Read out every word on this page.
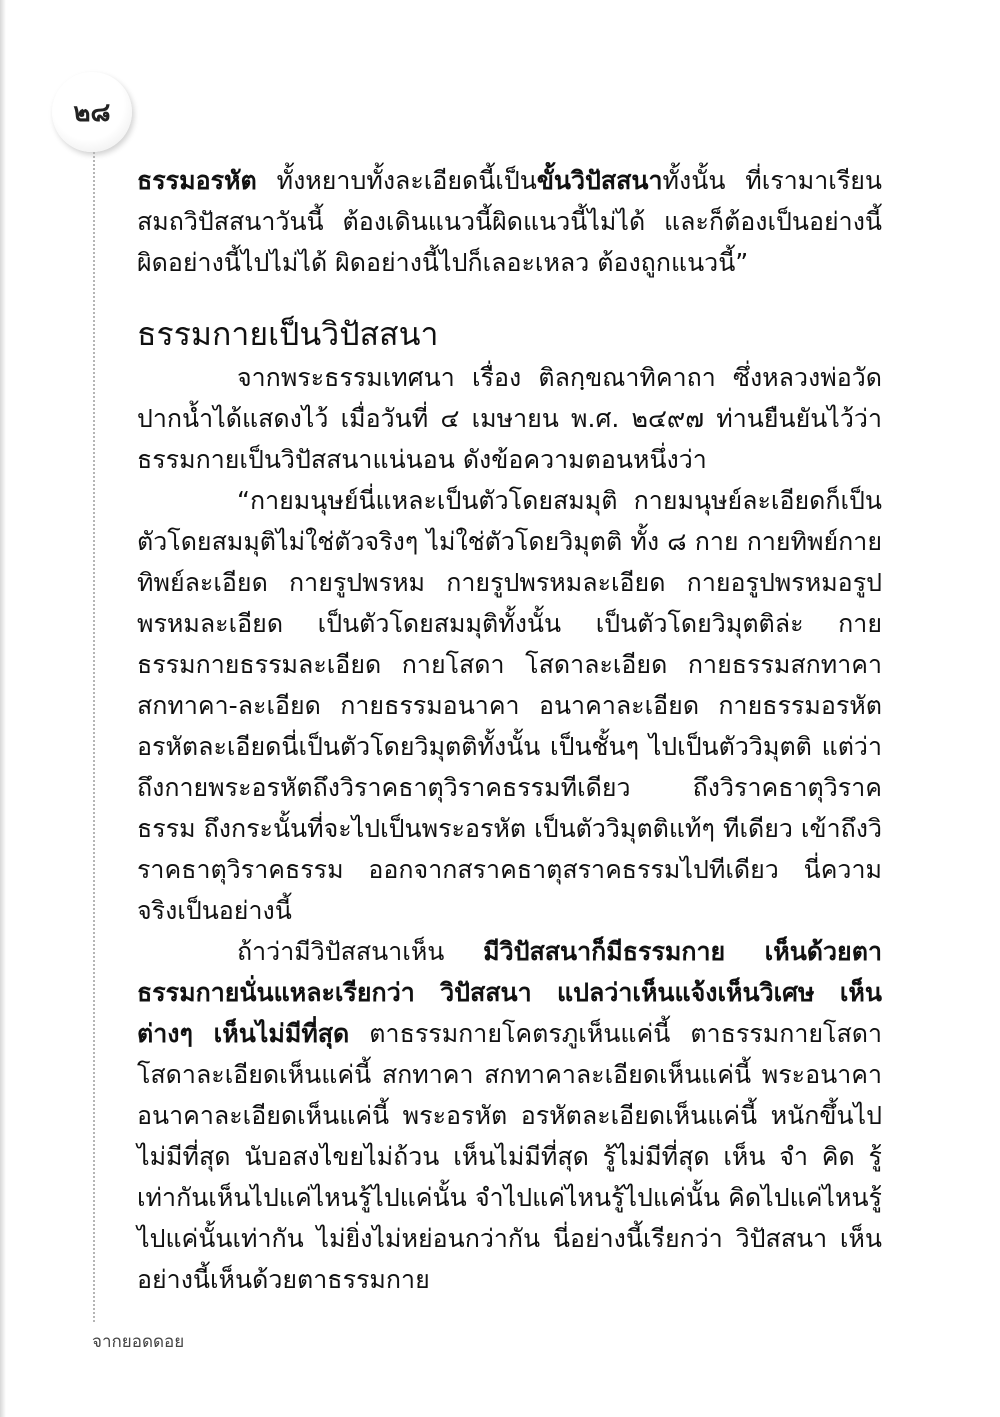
๒๘

ธรรมอรหัต ทั้งหยาบทั้งละเอียดนี้เป็นขั้นวิปัสสนาทั้งนั้น ที่เรามาเรียนสมถวิปัสสนาวันนี้ ต้องเดินแนวนี้ผิดแนวนี้ไม่ได้ และก็ต้องเป็นอย่างนี้ ผิดอย่างนี้ไปไม่ได้ ผิดอย่างนี้ไปก็เลอะเหลว ต้องถูกแนวนี้”

ธรรมกายเป็นวิปัสสนา

จากพระธรรมเทศนา เรื่อง ติลกฺขณาทิคาถา ซึ่งหลวงพ่อวัดปากน้ำได้แสดงไว้ เมื่อวันที่ ๔ เมษายน พ.ศ. ๒๔๙๗ ท่านยืนยันไว้ว่าธรรมกายเป็นวิปัสสนาแน่นอน ดังข้อความตอนหนึ่งว่า

“กายมนุษย์นี่แหละเป็นตัวโดยสมมุติ กายมนุษย์ละเอียดก็เป็นตัวโดยสมมุติไม่ใช่ตัวจริงๆ ไม่ใช่ตัวโดยวิมุตติ ทั้ง ๘ กาย กายทิพย์กายทิพย์ละเอียด กายรูปพรหม กายรูปพรหมละเอียด กายอรูปพรหมอรูปพรหมละเอียด เป็นตัวโดยสมมุติทั้งนั้น เป็นตัวโดยวิมุตติล่ะ กายธรรมกายธรรมละเอียด กายโสดา โสดาละเอียด กายธรรมสกทาคา สกทาคา-ละเอียด กายธรรมอนาคา อนาคาละเอียด กายธรรมอรหัต อรหัตละเอียดนี่เป็นตัวโดยวิมุตติทั้งนั้น เป็นชั้นๆ ไปเป็นตัววิมุตติ แต่ว่าถึงกายพระอรหัตถึงวิราคธาตุวิราคธรรมทีเดียว ถึงวิราคธาตุวิราคธรรม ถึงกระนั้นที่จะไปเป็นพระอรหัต เป็นตัววิมุตติแท้ๆ ทีเดียว เข้าถึงวิราคธาตุวิราคธรรม ออกจากสราคธาตุสราคธรรมไปทีเดียว นี่ความจริงเป็นอย่างนี้

ถ้าว่ามีวิปัสสนาเห็น มีวิปัสสนาก็มีธรรมกาย เห็นด้วยตาธรรมกายนั่นแหละเรียกว่า วิปัสสนา แปลว่าเห็นแจ้งเห็นวิเศษ เห็นต่างๆ เห็นไม่มีที่สุด ตาธรรมกายโคตรภูเห็นแค่นี้ ตาธรรมกายโสดาโสดาละเอียดเห็นแค่นี้ สกทาคา สกทาคาละเอียดเห็นแค่นี้ พระอนาคาอนาคาละเอียดเห็นแค่นี้ พระอรหัต อรหัตละเอียดเห็นแค่นี้ หนักขึ้นไปไม่มีที่สุด นับอสงไขยไม่ถ้วน เห็นไม่มีที่สุด รู้ไม่มีที่สุด เห็น จำ คิด รู้ เท่ากันเห็นไปแค่ไหนรู้ไปแค่นั้น จำไปแค่ไหนรู้ไปแค่นั้น คิดไปแค่ไหนรู้ไปแค่นั้นเท่ากัน ไม่ยิ่งไม่หย่อนกว่ากัน นี่อย่างนี้เรียกว่า วิปัสสนา เห็นอย่างนี้เห็นด้วยตาธรรมกาย

จากยอดดอย
